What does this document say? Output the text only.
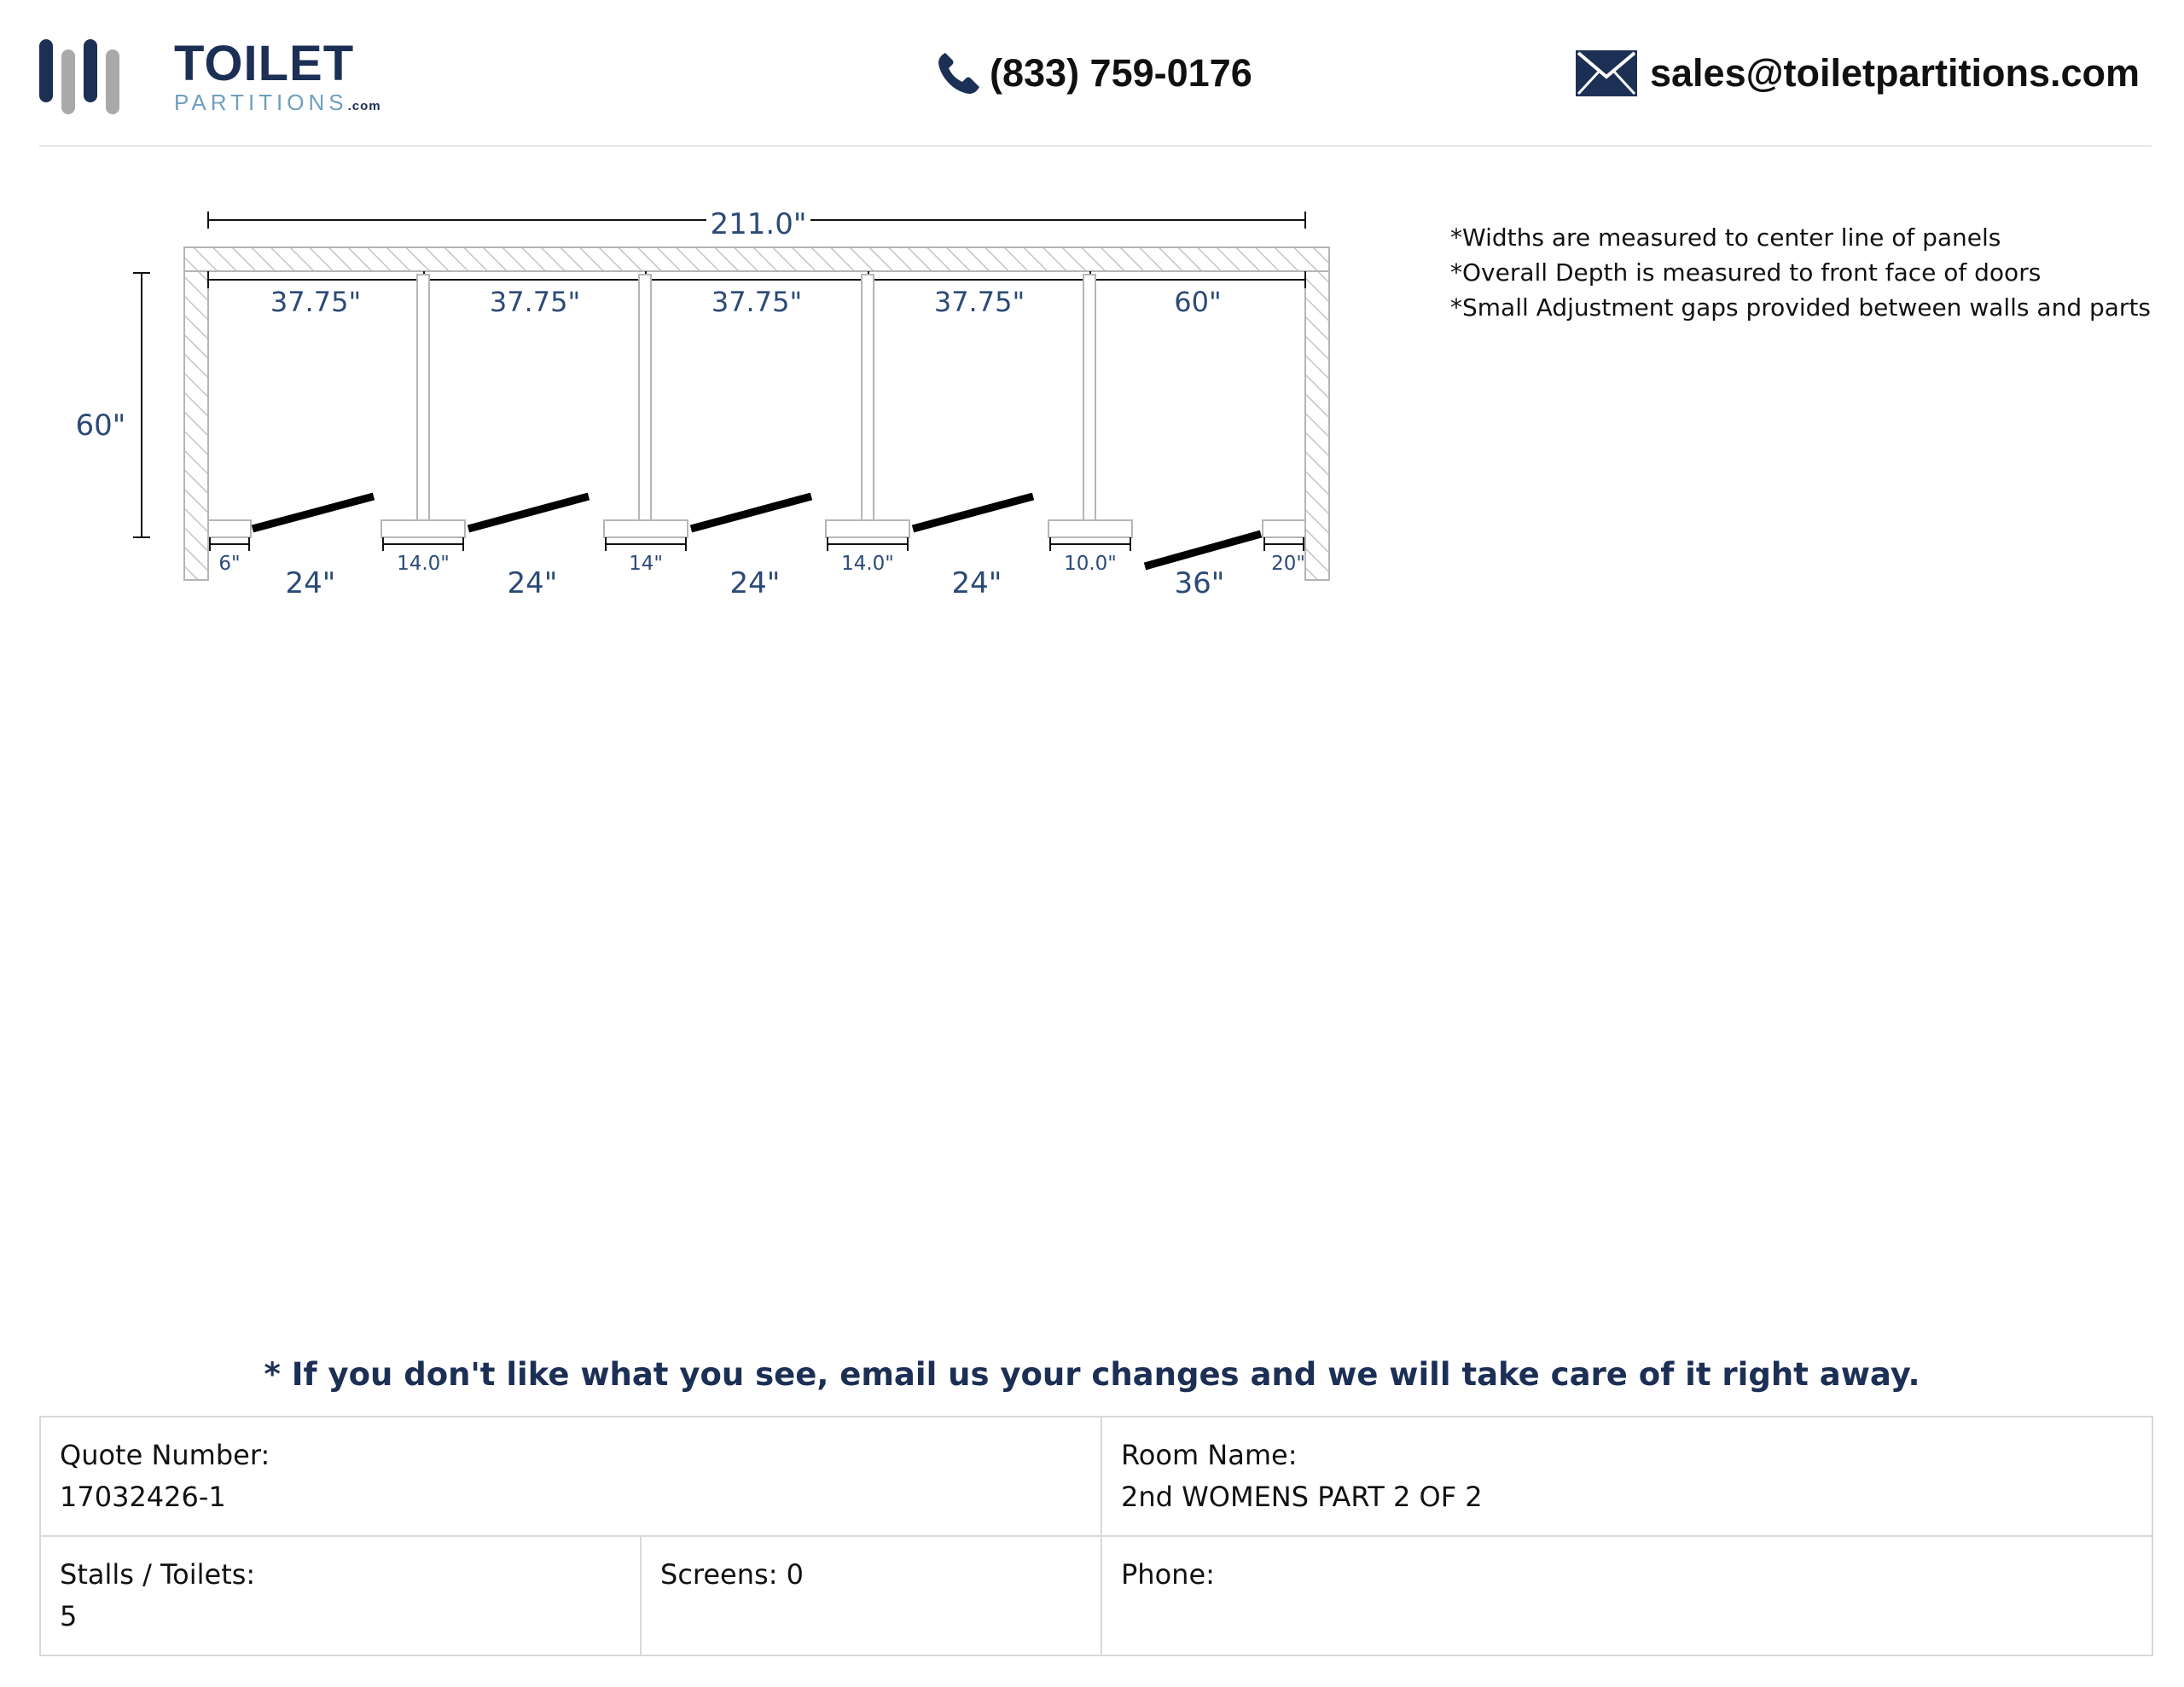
TOILET
PARTITIONS.com
(833) 759-0176	sales@toiletpartitions.com
211.0"
37.75"	37.75"	37.75"	37.75"	60"
60"
6"	14.0"	14"	14.0"	10.0"	20"
24"	24"	24"	24"	36"
*Widths are measured to center line of panels
*Overall Depth is measured to front face of doors
*Small Adjustment gaps provided between walls and parts
* If you don't like what you see, email us your changes and we will take care of it right away.
Quote Number:
17032426-1
Room Name:
2nd WOMENS PART 2 OF 2
Stalls / Toilets:
5
Screens: 0	Phone:
